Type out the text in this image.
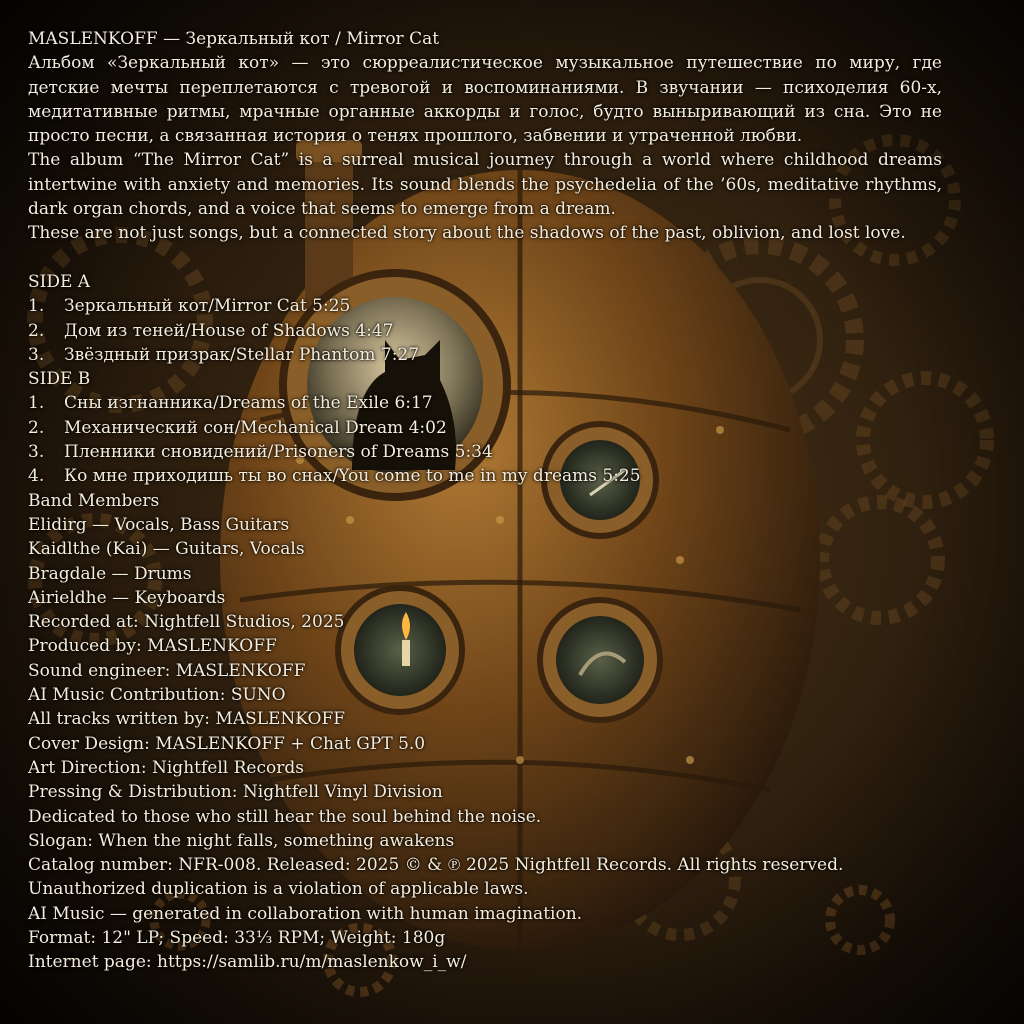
MASLENKOFF — Зеркальный кот / Mirror Cat
Альбом «Зеркальный кот» — это сюрреалистическое музыкальное путешествие по миру, где детские мечты переплетаются с тревогой и воспоминаниями. В звучании — психоделия 60-х, медитативные ритмы, мрачные органные аккорды и голос, будто выныривающий из сна. Это не просто песни, а связанная история о тенях прошлого, забвении и утраченной любви.
The album “The Mirror Cat” is a surreal musical journey through a world where childhood dreams intertwine with anxiety and memories. Its sound blends the psychedelia of the ’60s, meditative rhythms, dark organ chords, and a voice that seems to emerge from a dream.
These are not just songs, but a connected story about the shadows of the past, oblivion, and lost love.
SIDE A
1. Зеркальный кот/Mirror Cat 5:25
2. Дом из теней/House of Shadows 4:47
3. Звёздный призрак/Stellar Phantom 7:27
SIDE B
1. Сны изгнанника/Dreams of the Exile 6:17
2. Механический сон/Mechanical Dream 4:02
3. Пленники сновидений/Prisoners of Dreams 5:34
4. Ко мне приходишь ты во снах/You come to me in my dreams 5:25
Band Members
Elidirg — Vocals, Bass Guitars
Kaidlthe (Kai) — Guitars, Vocals
Bragdale — Drums
Airieldhe — Keyboards
Recorded at: Nightfell Studios, 2025
Produced by: MASLENKOFF
Sound engineer: MASLENKOFF
AI Music Contribution: SUNO
All tracks written by: MASLENKOFF
Cover Design: MASLENKOFF + Chat GPT 5.0
Art Direction: Nightfell Records
Pressing & Distribution: Nightfell Vinyl Division
Dedicated to those who still hear the soul behind the noise.
Slogan: When the night falls, something awakens
Catalog number: NFR-008. Released: 2025 © & ℗ 2025 Nightfell Records. All rights reserved.
Unauthorized duplication is a violation of applicable laws.
AI Music — generated in collaboration with human imagination.
Format: 12" LP; Speed: 33⅓ RPM; Weight: 180g
Internet page: https://samlib.ru/m/maslenkow_i_w/
